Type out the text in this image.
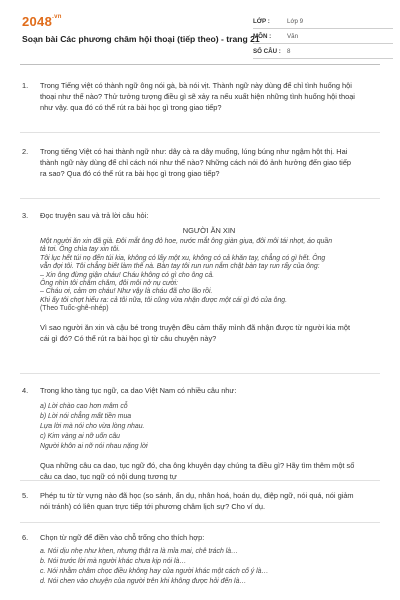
$2048^{.vn}$
Soạn bài Các phương châm hội thoại (tiếp theo) - trang 21
LỚP :	Lớp 9
MÔN :	Văn
SỐ CÂU : 8
1. Trong Tiếng việt có thành ngữ ông nói gà, bà nói vịt. Thành ngữ này dùng để chỉ tình huống hội

thoại như thế nào? Thử tưởng tượng điều gì sẽ xảy ra nếu xuất hiện những tình huống hội thoại

như vậy. qua đó có thể rút ra bài học gì trong giao tiếp?

2. Trong tiếng Việt có hai thành ngữ như: dây cà ra dây muống, lúng búng như ngậm hột thị. Hai

thành ngữ này dùng để chỉ cách nói như thế nào? Những cách nói đó ảnh hưởng đến giao tiếp

ra sao? Qua đó có thể rút ra bài học gì trong giao tiếp?

3. Đọc truyện sau và trả lời câu hỏi:

NGƯỜI ĂN XIN
Một người ăn xin đã già. Đôi mắt ông đỏ hoe, nước mắt ông giàn giụa, đôi môi tái nhợt, áo quần
tả tơi. Ông chìa tay xin tôi.
Tôi lục hết túi nọ đến túi kia, không có lấy một xu, không có cả khăn tay, chẳng có gì hết. Ông
vẫn đợi tôi. Tôi chẳng biết làm thế nà. Bàn tay tôi run run nắm chặt bàn tay run rẩy của ông:
– Xin ông đừng giận cháu! Cháu không có gì cho ông cả.
Ông nhìn tôi chăm chăm, đôi môi nở nụ cười:
– Cháu ơi, cảm ơn cháu! Như vậy là cháu đã cho lão rồi.
Khi ấy tôi chợt hiểu ra: cả tôi nữa, tôi cũng vừa nhận được một cái gì đó của ông.
(Theo Tuốc-ghê-nhép)

Vì sao người ăn xin và cậu bé trong truyện đều cảm thấy mình đã nhận được từ người kia một

cái gì đó? Có thể rút ra bài học gì từ câu chuyện này?

4. Trong kho tàng tục ngữ, ca dao Việt Nam có nhiều câu như:

a) Lời chào cao hơn mâm cỗ
b) Lời nói chẳng mất tiền mua
Lựa lời mà nói cho vừa lòng nhau.
c) Kim vàng ai nỡ uốn câu
Người khôn ai nỡ nói nhau nặng lời

Qua những câu ca dao, tục ngữ đó, cha ông khuyên dạy chúng ta điều gì? Hãy tìm thêm một số

câu ca dao, tục ngữ có nội dung tương tự

5. Phép tu từ từ vựng nào đã học (so sánh, ẩn dụ, nhân hoá, hoán dụ, điệp ngữ, nói quá, nói giảm

nói tránh) có liên quan trực tiếp tới phương châm lịch sự? Cho ví dụ.

6. Chọn từ ngữ để điền vào chỗ trống cho thích hợp:

a. Nói dịu nhẹ như khen, nhưng thật ra là mỉa mai, chê trách là…
b. Nói trước lời mà người khác chưa kịp nói là…
c. Nói nhằm châm chọc điều không hay của người khác một cách cố ý là…
d. Nói chen vào chuyện của người trên khi không được hỏi đến là…
